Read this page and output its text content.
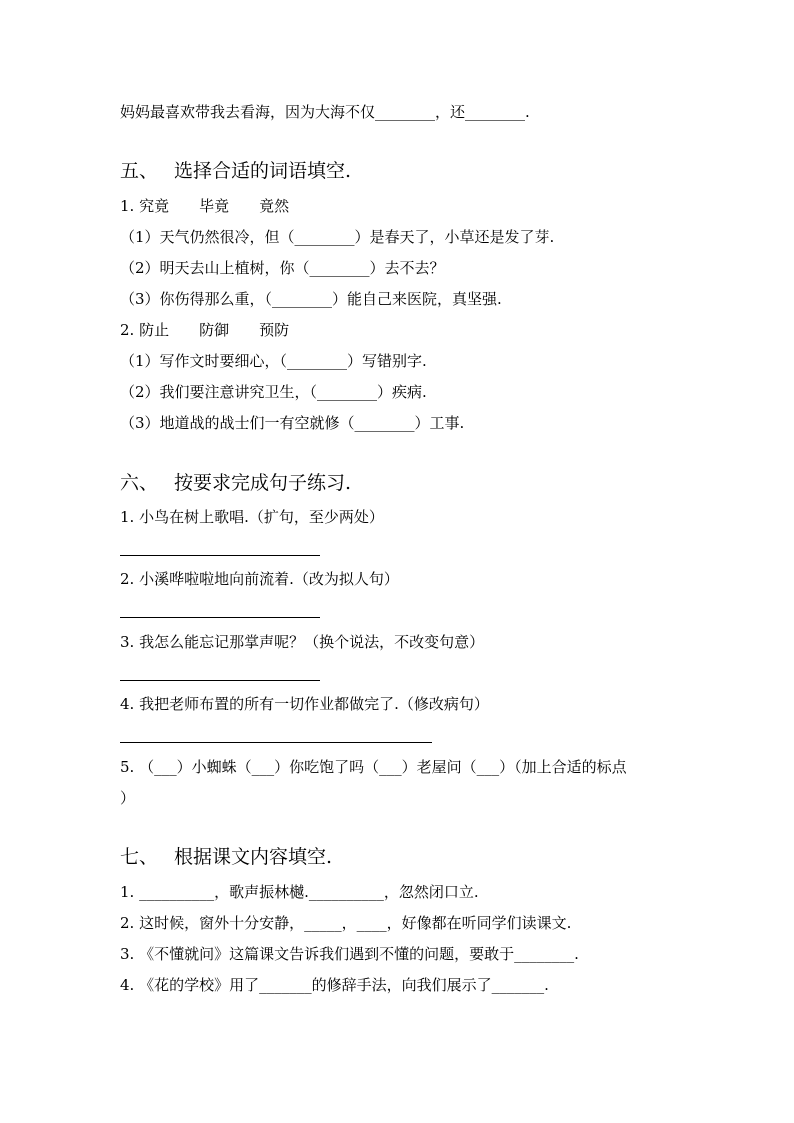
妈妈最喜欢带我去看海，因为大海不仅________，还________.
五、 选择合适的词语填空.
1. 究竟　　毕竟　　竟然
（1）天气仍然很冷，但（________）是春天了，小草还是发了芽.
（2）明天去山上植树，你（________）去不去？
（3）你伤得那么重，（________）能自己来医院，真坚强.
2. 防止　　防御　　预防
（1）写作文时要细心，（________）写错别字.
（2）我们要注意讲究卫生，（________）疾病.
（3）地道战的战士们一有空就修（________）工事.
六、 按要求完成句子练习.
1. 小鸟在树上歌唱.（扩句，至少两处）
2. 小溪哗啦啦地向前流着.（改为拟人句）
3. 我怎么能忘记那掌声呢？（换个说法，不改变句意）
4. 我把老师布置的所有一切作业都做完了.（修改病句）
5. （___）小蜘蛛（___）你吃饱了吗（___）老屋问（___）（加上合适的标点
）
七、 根据课文内容填空.
1. __________，歌声振林樾.__________，忽然闭口立.
2. 这时候，窗外十分安静，_____，____，好像都在听同学们读课文.
3. 《不懂就问》这篇课文告诉我们遇到不懂的问题，要敢于________.
4. 《花的学校》用了_______的修辞手法，向我们展示了_______.
